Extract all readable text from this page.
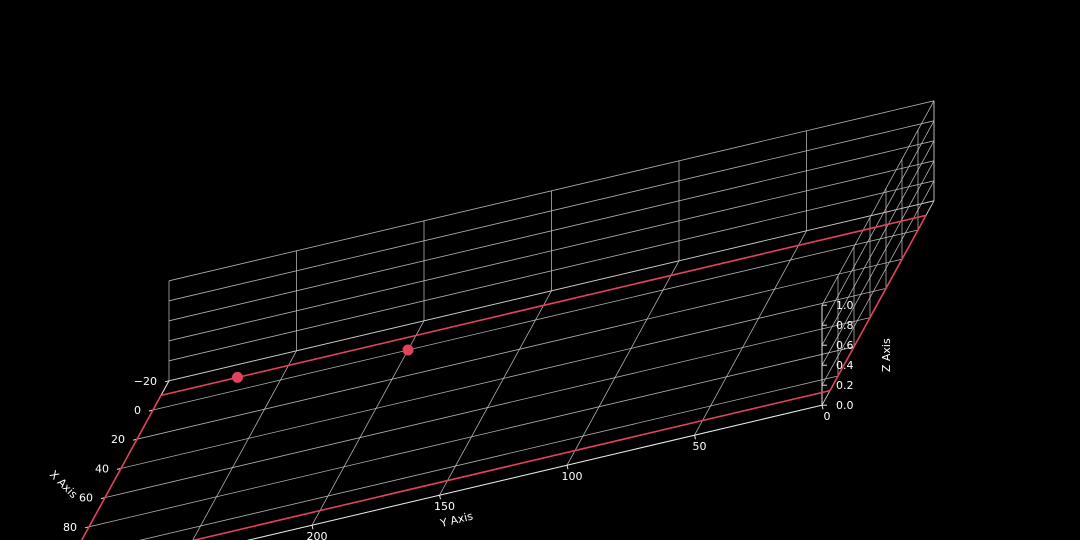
−20
0
20
40
60
80
0
50
100
150
200
0.0
0.2
0.4
0.6
0.8
1.0
X Axis
Y Axis
Z Axis
